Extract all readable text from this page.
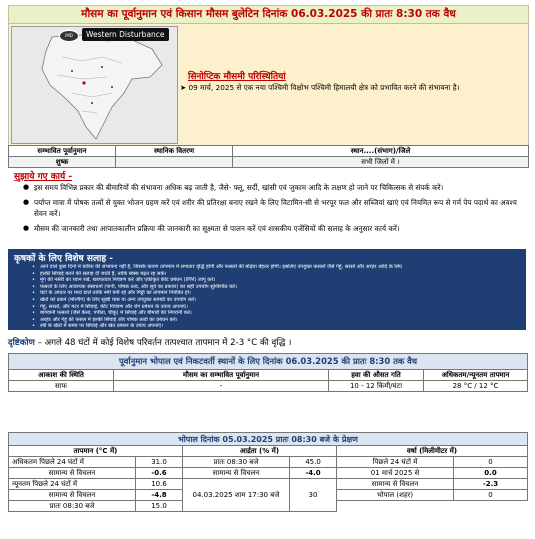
मौसम का पूर्वानुमान एवं किसान मौसम बुलेटिन दिनांक 06.03.2025 की प्रातः 8:30 तक वैध
IMD	Western Disturbance
सिनोप्टिक मौसमी परिस्थितियां
➤ 09 मार्च, 2025 से एक नया पश्चिमी विक्षोभ पश्चिमी हिमालयी क्षेत्र को प्रभावित करने की संभावना है।
सम्भावित पूर्वानुमान	स्थानिक वितरण	स्थान....(संभाग)/जिले
शुष्क		सभी जिलों में ।
सुझाये गए कार्य -
● इस समय विभिन्न प्रकार की बीमारियों की संभावना अधिक बढ़ जाती है, जैसे- फ्लू, सर्दी, खांसी एवं जुकाम आदि के लक्षण हो जाने पर चिकित्सक से संपर्क करें।
● पर्याप्त मात्रा में पोषक तत्वों से युक्त भोजन ग्रहण करें एवं शरीर की प्रतिरक्षा बनाए रखने के लिए विटामिन-सी से भरपूर फल और सब्जियां खाएं एवं नियमित रूप से गर्म पेय पदार्थ का अवश्य सेवन करें।
● मौसम की जानकारी तथा आपातकालीन प्रक्रिया की जानकारी का सूक्ष्मता से पालन करें एवं शासकीय एजेंसियों की सलाह के अनुसार कार्य करें।
कृषकों के लिए विशेष सलाह -
• आने वाले कुछ दिनों में बारिश की संभावना नहीं है, जिसके कारण तापमान में लगातार वृद्धि होगी और फसलों की बढ़िया बेहतर होगी। इसलिए उपयुक्त फसलों जैसे गेहूं, सरसों और अरहर आदि के लिए
• हल्की सिंचाई करने की सलाह दी जाती है, ताकि स्वस्थ बढ़त रह सके।
• मूंग की नर्सरी का ध्यान रखें, खरपतवार नियंत्रण करें और एकीकृत कीट प्रबंधन (IPM) लागू करें।
• फसलों के लिए आवश्यक संसाधनों (पानी, पोषक तत्व, और सूर्य का प्रकाश) का सही उपयोग सुनिश्चित करें।
• घेटों के आधार पर मध्य डालें ताकि नमी बनी रहे और मिट्टी का तापमान नियंत्रित हो।
• खेतों को ढकने (मल्चिंग) के लिए सूखी घास या अन्य उपयुक्त सामग्री का उपयोग करें।
• गेहूं, सरसों, और मटर में सिंचाई, कीट नियंत्रण और रोग प्रबंधन के उपाय अपनाएं।
• बागवानी फसलों (जैसे केला, पपीता, चीकू) में सिंचाई और बीमारी की निगरानी करें।
• अरहर और गेहूं की फसल में हल्की सिंचाई और पोषक तत्वों का प्रबंधन करें।
• रबी के खेतों में समय पर सिंचाई और खेत प्रबंधन के उपाय अपनाएं।
दृष्टिकोण – अगले 48 घंटों में कोई विशेष परिवर्तन तत्पश्चात तापमान में 2-3 °C की वृद्धि ।
पूर्वानुमान भोपाल एवं निकटवर्ती स्थानों के लिए दिनांक 06.03.2025 की प्रातः 8:30 तक वैध			
आकाश की स्थिति	मौसम का सम्भावित पूर्वानुमान	हवा की औसत गति	अधिकतम/न्यूनतम तापमान
साफ	-	10 - 12 किमी/घंटा	28 °C / 12 °C
भोपाल दिनांक 05.03.2025 प्रातः 08:30 बजे के प्रेक्षण					
तापमान (°C में)		आर्द्रता (% में)		वर्षा (मिलीमीटर में)	
अधिकतम पिछले 24 घंटों में	31.0	प्रातः 08:30 बजे	45.0	पिछले 24 घंटों में	0
सामान्य से विचलन	-0.6	सामान्य से विचलन	-4.0	01 मार्च 2025 से	0.0
न्यूनतम पिछले 24 घंटों में	10.6	04.03.2025 शाम 17:30 बजे	30	सामान्य से विचलन	-2.3
सामान्य से विचलन	-4.8			भोपाल (शहर)	0
प्रातः 08:30 बजे	15.0				
